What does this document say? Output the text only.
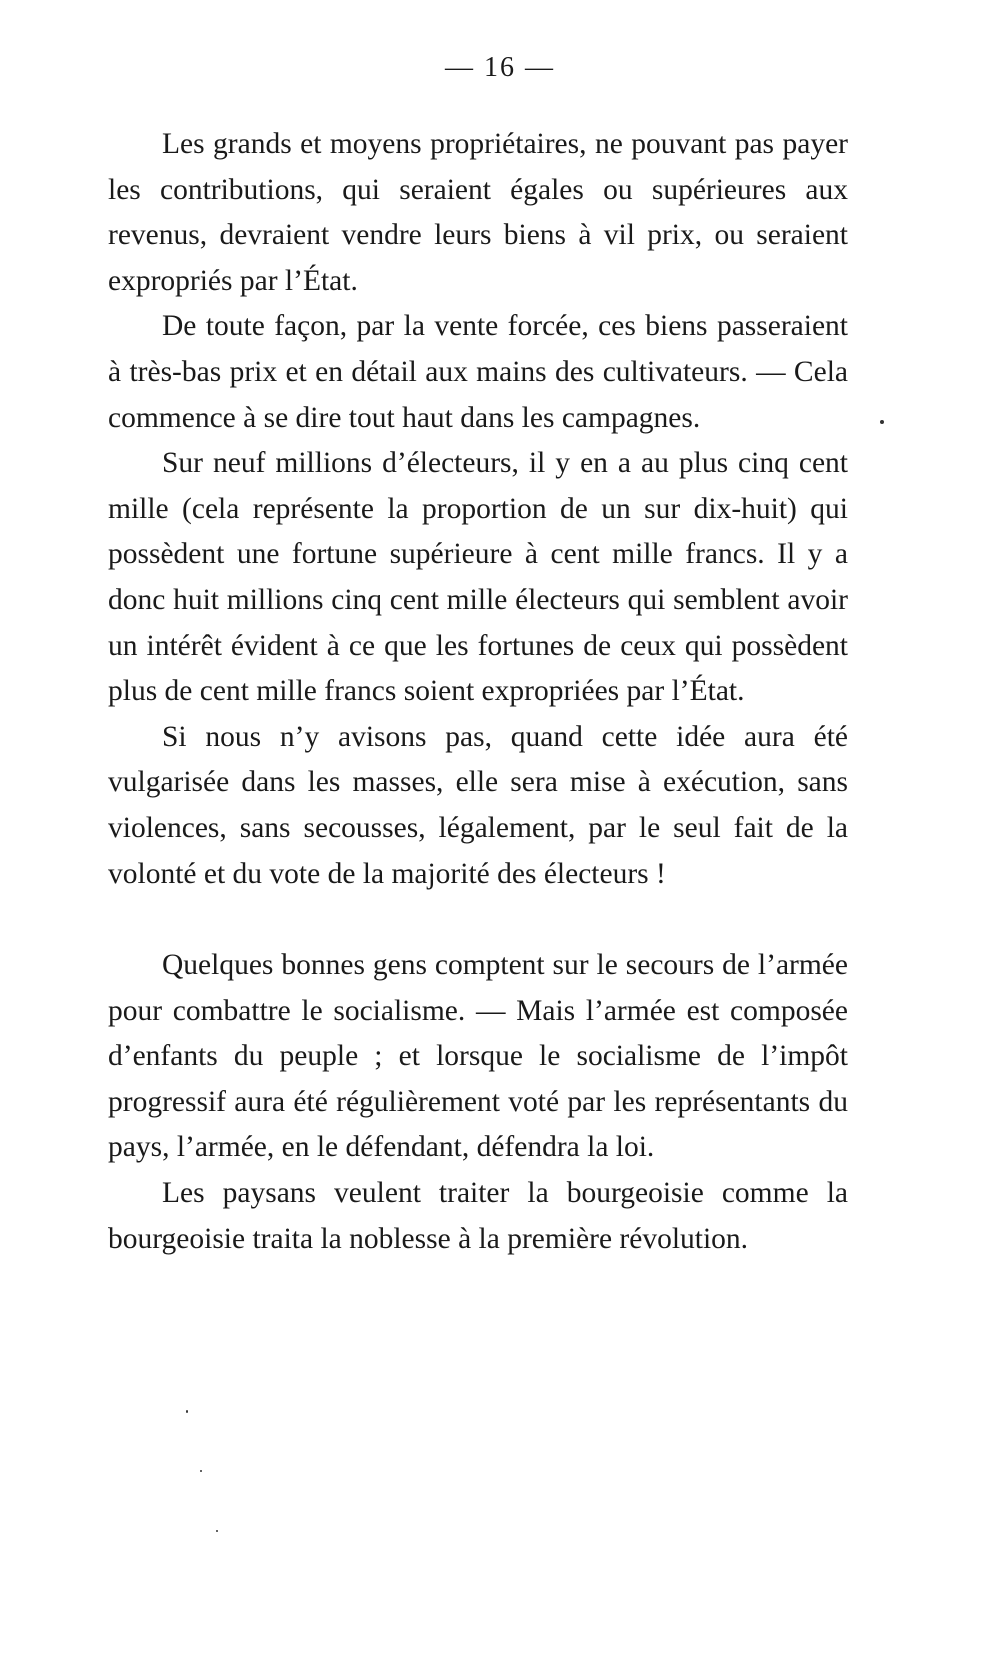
— 16 —

Les grands et moyens propriétaires, ne pouvant pas payer les contributions, qui seraient égales ou supérieures aux revenus, devraient vendre leurs biens à vil prix, ou seraient expropriés par l’État.

De toute façon, par la vente forcée, ces biens passeraient à très-bas prix et en détail aux mains des cultivateurs. — Cela commence à se dire tout haut dans les campagnes.

Sur neuf millions d’électeurs, il y en a au plus cinq cent mille (cela représente la proportion de un sur dix-huit) qui possèdent une fortune supérieure à cent mille francs. Il y a donc huit millions cinq cent mille électeurs qui semblent avoir un intérêt évident à ce que les fortunes de ceux qui possèdent plus de cent mille francs soient expropriées par l’État.

Si nous n’y avisons pas, quand cette idée aura été vulgarisée dans les masses, elle sera mise à exécution, sans violences, sans secousses, légalement, par le seul fait de la volonté et du vote de la majorité des électeurs !

Quelques bonnes gens comptent sur le secours de l’armée pour combattre le socialisme. — Mais l’armée est composée d’enfants du peuple ; et lorsque le socialisme de l’impôt progressif aura été régulièrement voté par les représentants du pays, l’armée, en le défendant, défendra la loi.

Les paysans veulent traiter la bourgeoisie comme la bourgeoisie traita la noblesse à la première révolution.
